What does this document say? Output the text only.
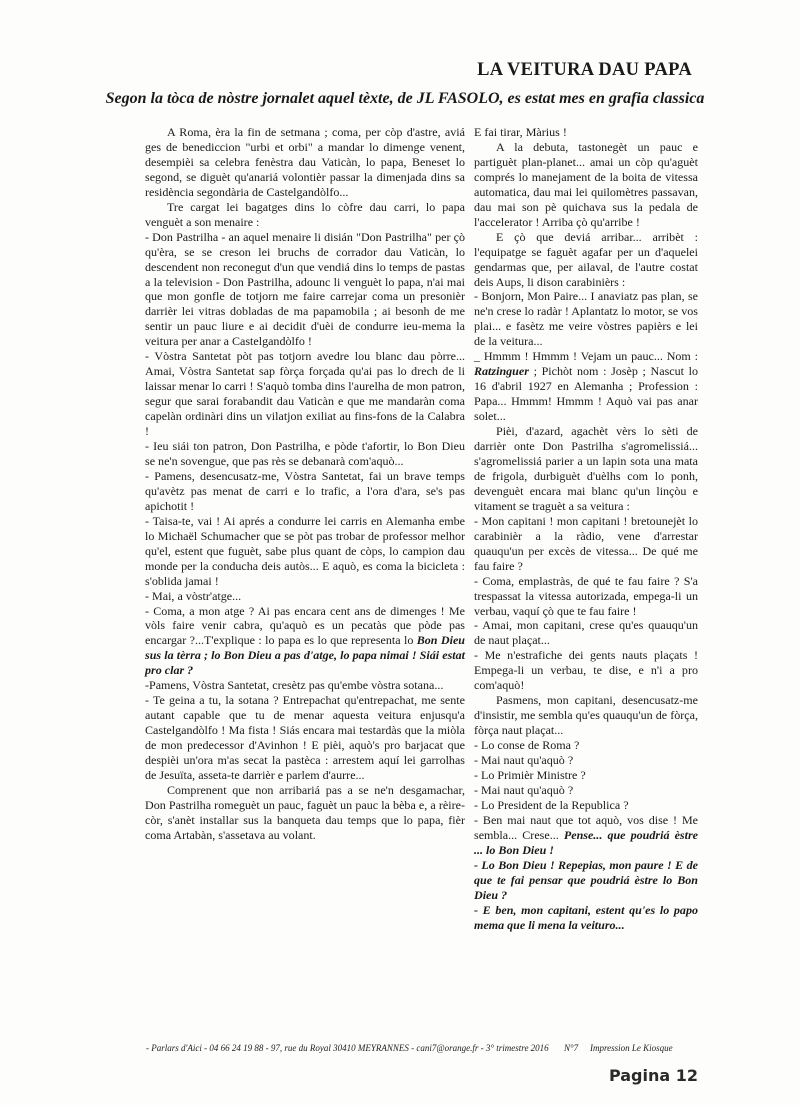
LA VEITURA DAU PAPA
Segon la tòca de nòstre jornalet aquel tèxte, de JL FASOLO, es estat mes en grafia classica

A Roma, èra la fin de setmana ; coma, per còp d'astre, aviá ges de benediccion "urbi et orbi" a mandar lo dimenge venent, desempièi sa celebra fenèstra dau Vaticàn, lo papa, Beneset lo segond, se diguèt qu'anariá volontièr passar la dimenjada dins sa residència segondària de Castelgandòlfo...

Tre cargat lei bagatges dins lo còfre dau carri, lo papa venguèt a son menaire :

- Don Pastrilha - an aquel menaire li disián "Don Pastrilha" per çò qu'èra, se se creson lei bruchs de corrador dau Vaticàn, lo descendent non reconegut d'un que vendiá dins lo temps de pastas a la television - Don Pastrilha, adounc li venguèt lo papa, n'ai mai que mon gonfle de totjorn me faire carrejar coma un presonièr darrièr lei vitras dobladas de ma papamobila ; ai besonh de me sentir un pauc liure e ai decidit d'uèi de condurre ieu-mema la veitura per anar a Castelgandòlfo !

- Vòstra Santetat pòt pas totjorn avedre lou blanc dau pòrre... Amai, Vòstra Santetat sap fòrça forçada qu'ai pas lo drech de li laissar menar lo carri ! S'aquò tomba dins l'aurelha de mon patron, segur que sarai forabandit dau Vaticàn e que me mandaràn coma capelàn ordinàri dins un vilatjon exiliat au fins-fons de la Calabra !

- Ieu siái ton patron, Don Pastrilha, e pòde t'afortir, lo Bon Dieu se ne'n sovengue, que pas rès se debanarà com'aquò...

- Pamens, desencusatz-me, Vòstra Santetat, fai un brave temps qu'avètz pas menat de carri e lo trafic, a l'ora d'ara, se's pas apichotit !

- Taisa-te, vai ! Ai aprés a condurre lei carris en Alemanha embe lo Michaël Schumacher que se pòt pas trobar de professor melhor qu'el, estent que fuguèt, sabe plus quant de còps, lo campion dau monde per la conducha deis autòs... E aquò, es coma la bicicleta : s'oblida jamai !

- Mai, a vòstr'atge...

- Coma, a mon atge ? Ai pas encara cent ans de dimenges ! Me vòls faire venir cabra, qu'aquò es un pecatàs que pòde pas encargar ?...T'explique : lo papa es lo que representa lo Bon Dieu sus la tèrra ; lo Bon Dieu a pas d'atge, lo papa nimai ! Siái estat pro clar ?

-Pamens, Vòstra Santetat, cresètz pas qu'embe vòstra sotana...

- Te geina a tu, la sotana ? Entrepachat qu'entrepachat, me sente autant capable que tu de menar aquesta veitura enjusqu'a Castelgandòlfo ! Ma fista ! Siás encara mai testardàs que la miòla de mon predecessor d'Avinhon ! E pièi, aquò's pro barjacat que despièi un'ora m'as secat la pastèca : arrestem aquí lei garrolhas de Jesuïta, asseta-te darrièr e parlem d'aurre...

Comprenent que non arribariá pas a se ne'n desgamachar, Don Pastrilha romeguèt un pauc, faguèt un pauc la bèba e, a rèire-còr, s'anèt installar sus la banqueta dau temps que lo papa, fièr coma Artabàn, s'assetava au volant.

E fai tirar, Màrius !

A la debuta, tastonegèt un pauc e partiguèt plan-planet... amai un còp qu'aguèt comprés lo manejament de la boita de vitessa automatica, dau mai lei quilomètres passavan, dau mai son pè quichava sus la pedala de l'accelerator ! Arriba çò qu'arribe !

E çò que deviá arribar... arribèt : l'equipatge se faguèt agafar per un d'aquelei gendarmas que, per ailaval, de l'autre costat deis Aups, li dison carabinièrs :

- Bonjorn, Mon Paire... I anaviatz pas plan, se ne'n crese lo radàr ! Aplantatz lo motor, se vos plai... e fasètz me veire vòstres papièrs e lei de la veitura...

_ Hmmm ! Hmmm ! Vejam un pauc... Nom : Ratzinguer ; Pichòt nom : Josèp ; Nascut lo 16 d'abril 1927 en Alemanha ; Profession : Papa... Hmmm! Hmmm ! Aquò vai pas anar solet...

Pièi, d'azard, agachèt vèrs lo sèti de darrièr onte Don Pastrilha s'agromelissiá... s'agromelissiá parier a un lapin sota una mata de frigola, durbiguèt d'uèlhs com lo ponh, devenguèt encara mai blanc qu'un linçòu e vitament se traguèt a sa veitura :

- Mon capitani ! mon capitani ! bretounejèt lo carabinièr a la ràdio, vene d'arrestar quauqu'un per excès de vitessa... De qué me fau faire ?

- Coma, emplastràs, de qué te fau faire ? S'a trespassat la vitessa autorizada, empega-li un verbau, vaquí çò que te fau faire !

- Amai, mon capitani, crese qu'es quauqu'un de naut plaçat...

- Me n'estrafiche dei gents nauts plaçats ! Empega-li un verbau, te dise, e n'i a pro com'aquò!

Pasmens, mon capitani, desencusatz-me d'insistir, me sembla qu'es quauqu'un de fòrça, fòrça naut plaçat...

- Lo conse de Roma ?

- Mai naut qu'aquò ?

- Lo Primièr Ministre ?

- Mai naut qu'aquò ?

- Lo President de la Republica ?

- Ben mai naut que tot aquò, vos dise ! Me sembla... Crese... Pense... que poudriá èstre ... lo Bon Dieu !

- Lo Bon Dieu ! Repepias, mon paure ! E de que te fai pensar que poudriá èstre lo Bon Dieu ?

- E ben, mon capitani, estent qu'es lo papo mema que li mena la veituro...

- Parlars d'Aici - 04 66 24 19 88 - 97, rue du Royal 30410 MEYRANNES - cani7@orange.fr - 3° trimestre 2016 N°7 Impression Le Kiosque
Pagina 12
